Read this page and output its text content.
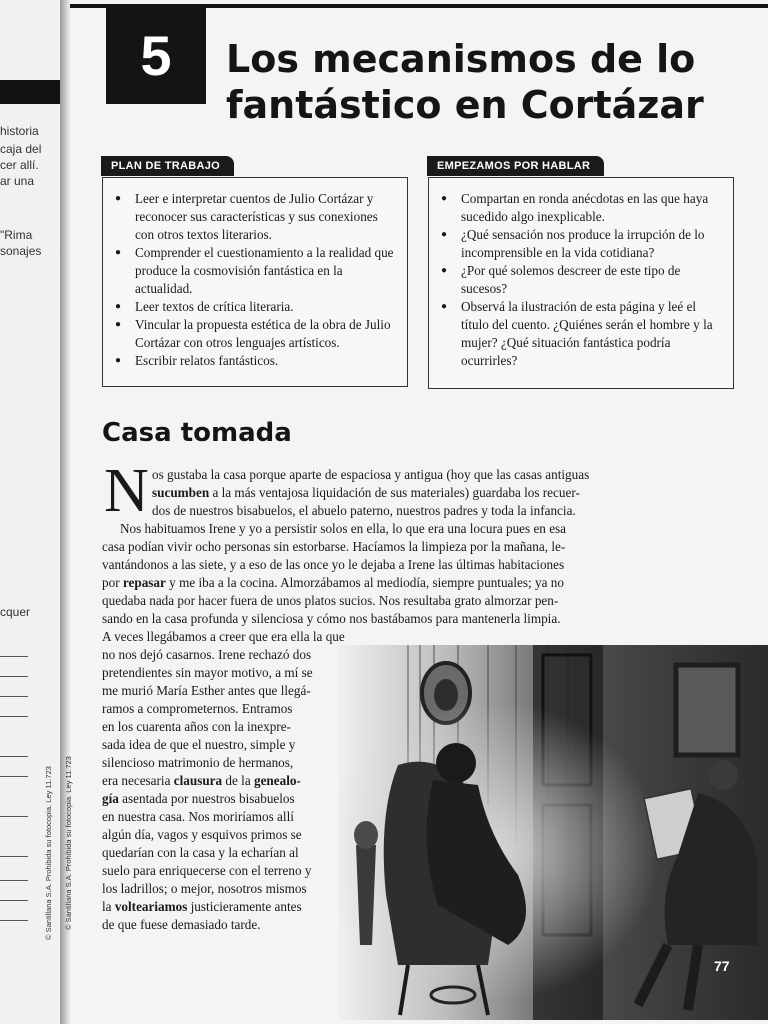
historia
caja del
cer allí.
ar una
"Rima
sonajes
cquer
5	Los mecanismos de lo fantástico en Cortázar
PLAN DE TRABAJO
● Leer e interpretar cuentos de Julio Cortázar y reconocer sus características y sus conexiones con otros textos literarios.
● Comprender el cuestionamiento a la realidad que produce la cosmovisión fantástica en la actualidad.
● Leer textos de crítica literaria.
● Vincular la propuesta estética de la obra de Julio Cortázar con otros lenguajes artísticos.
● Escribir relatos fantásticos.
EMPEZAMOS POR HABLAR
● Compartan en ronda anécdotas en las que haya sucedido algo inexplicable.
● ¿Qué sensación nos produce la irrupción de lo incomprensible en la vida cotidiana?
● ¿Por qué solemos descreer de este tipo de sucesos?
● Observá la ilustración de esta página y leé el título del cuento. ¿Quiénes serán el hombre y la mujer? ¿Qué situación fantástica podría ocurrirles?
Casa tomada
N os gustaba la casa porque aparte de espaciosa y antigua (hoy que las casas antiguas
sucumben a la más ventajosa liquidación de sus materiales) guardaba los recuer-
dos de nuestros bisabuelos, el abuelo paterno, nuestros padres y toda la infancia.
Nos habituamos Irene y yo a persistir solos en ella, lo que era una locura pues en esa
casa podían vivir ocho personas sin estorbarse. Hacíamos la limpieza por la mañana, le-
vantándonos a las siete, y a eso de las once yo le dejaba a Irene las últimas habitaciones
por repasar y me iba a la cocina. Almorzábamos al mediodía, siempre puntuales; ya no
quedaba nada por hacer fuera de unos platos sucios. Nos resultaba grato almorzar pen-
sando en la casa profunda y silenciosa y cómo nos bastábamos para mantenerla limpia.
77
A veces llegábamos a creer que era ella la que
no nos dejó casarnos. Irene rechazó dos
pretendientes sin mayor motivo, a mí se
me murió María Esther antes que llegá-
ramos a comprometernos. Entramos
en los cuarenta años con la inexpre-
sada idea de que el nuestro, simple y
silencioso matrimonio de hermanos,
era necesaria clausura de la genealo-
gía asentada por nuestros bisabuelos
en nuestra casa. Nos moriríamos allí
algún día, vagos y esquivos primos se
quedarían con la casa y la echarían al
suelo para enriquecerse con el terreno y
los ladrillos; o mejor, nosotros mismos
la volteariamos justicieramente antes
de que fuese demasiado tarde.
© Santillana S.A. Prohibida su fotocopia. Ley 11.723 © Santillana S.A. Prohibida su fotocopia. Ley 11.723
